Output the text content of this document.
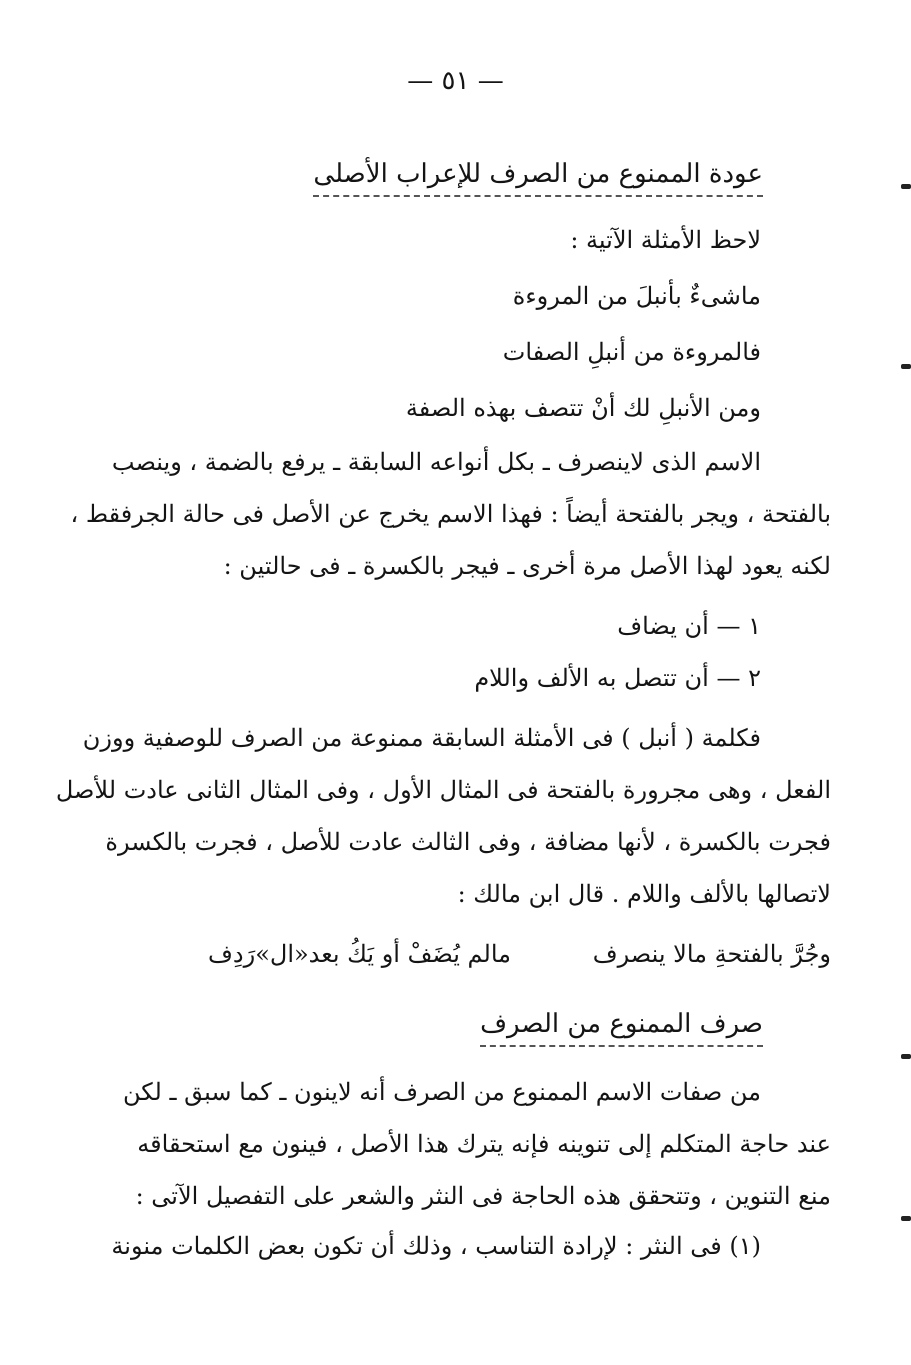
— ٥١ —
عودة الممنوع من الصرف للإعراب الأصلى
لاحظ الأمثلة الآتية :
ماشىءٌ بأنبلَ من المروءة
فالمروءة من أنبلِ الصفات
ومن الأنبلِ لك أنْ تتصف بهذه الصفة
الاسم الذى لاينصرف ـ بكل أنواعه السابقة ـ يرفع بالضمة ، وينصب
بالفتحة ، ويجر بالفتحة أيضاً : فهذا الاسم يخرج عن الأصل فى حالة الجرفقط ،
لكنه يعود لهذا الأصل مرة أخرى ـ فيجر بالكسرة ـ فى حالتين :
١ — أن يضاف
٢ — أن تتصل به الألف واللام
فكلمة ( أنبل ) فى الأمثلة السابقة ممنوعة من الصرف للوصفية ووزن
الفعل ، وهى مجرورة بالفتحة فى المثال الأول ، وفى المثال الثانى عادت للأصل
فجرت بالكسرة ، لأنها مضافة ، وفى الثالث عادت للأصل ، فجرت بالكسرة
لاتصالها بالألف واللام . قال ابن مالك :
وجُرَّ بالفتحةِ مالا ينصرف
مالم يُضَفْ أو يَكُ بعد«ال»رَدِف
صرف الممنوع من الصرف
من صفات الاسم الممنوع من الصرف أنه لاينون ـ كما سبق ـ لكن
عند حاجة المتكلم إلى تنوينه فإنه يترك هذا الأصل ، فينون مع استحقاقه
منع التنوين ، وتتحقق هذه الحاجة فى النثر والشعر على التفصيل الآتى :
(١) فى النثر : لإرادة التناسب ، وذلك أن تكون بعض الكلمات منونة
